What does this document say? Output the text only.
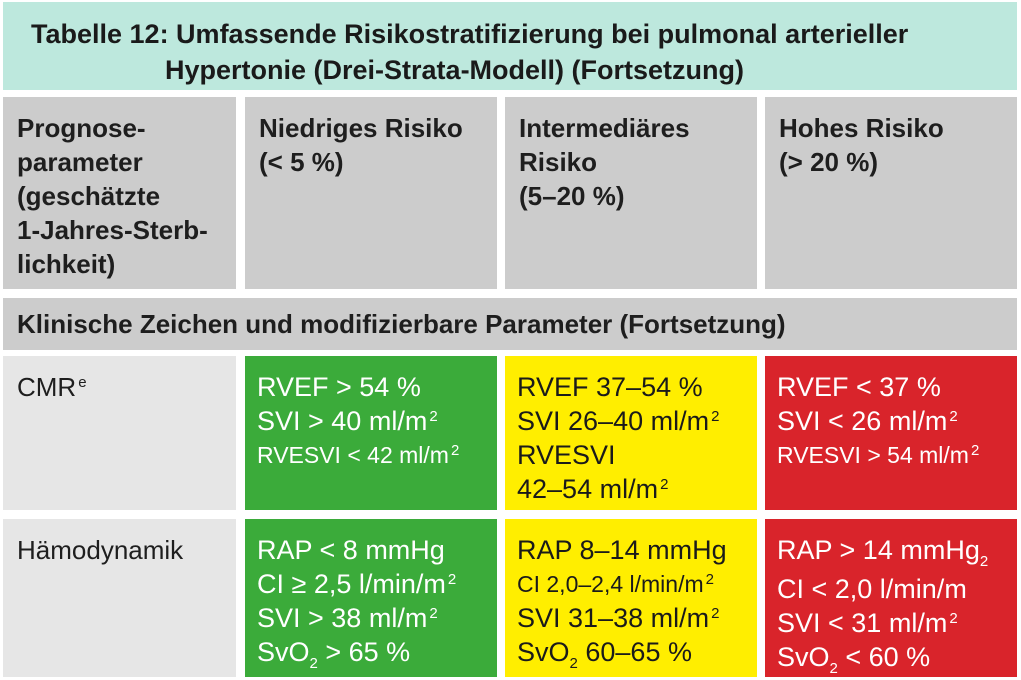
Tabelle 12: Umfassende Risikostratifizierung bei pulmonal arterieller
Hypertonie (Drei-Strata-Modell) (Fortsetzung)
Prognose-
parameter
(geschätzte
1-Jahres-Sterb-
lichkeit)
Niedriges Risiko
(< 5 %)
Intermediäres
Risiko
(5–20 %)
Hohes Risiko
(> 20 %)
Klinische Zeichen und modifizierbare Parameter (Fortsetzung)
CMR $^e$	RVEF > 54 %
SVI > 40 ml/m $^2$
RVESVI < 42 ml/m $^2$
RVEF 37–54 %
SVI 26–40 ml/m $^2$
RVESVI
42–54 ml/m $^2$
RVEF < 37 %
SVI < 26 ml/m $^2$
RVESVI > 54 ml/m $^2$
Hämodynamik	RAP < 8 mmHg
CI ≥ 2,5 l/min/m $^2$
SVI > 38 ml/m $^2$
SvO$_2$ > 65 %
RAP 8–14 mmHg
CI 2,0–2,4 l/min/m $^2$
SVI 31–38 ml/m $^2$
SvO$_2$ 60–65 %
RAP > 14 mmHg$_2$
CI < 2,0 l/min/m
SVI < 31 ml/m $^2$
SvO$_2$ < 60 %
